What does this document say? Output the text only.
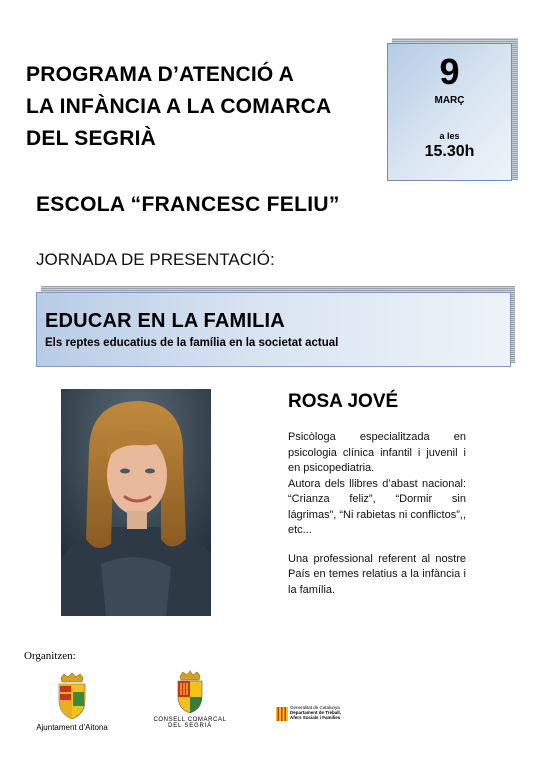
PROGRAMA D’ATENCIÓ A
LA INFÀNCIA A LA COMARCA
DEL SEGRIÀ
9
MARÇ
a les
15.30h
ESCOLA “FRANCESC FELIU”
JORNADA DE PRESENTACIÓ:
EDUCAR EN LA FAMILIA
Els reptes educatius de la família en la societat actual
ROSA JOVÉ

Psicòloga especialitzada en psicologia clínica infantil i juvenil i en psicopediatria.

Autora dels llibres d’abast nacional: “Crianza feliz”, “Dormir sin lágrimas”, “Ni rabietas ni conflictos”,, etc...

Una professional referent al nostre País en temes relatius a la infància i la família.

Organitzen:
Ajuntament d’Aitona
CONSELL COMARCAL
DEL SEGRIÀ
Generalitat de Catalunya
Departament de Treball,
Afers Socials i Famílies
